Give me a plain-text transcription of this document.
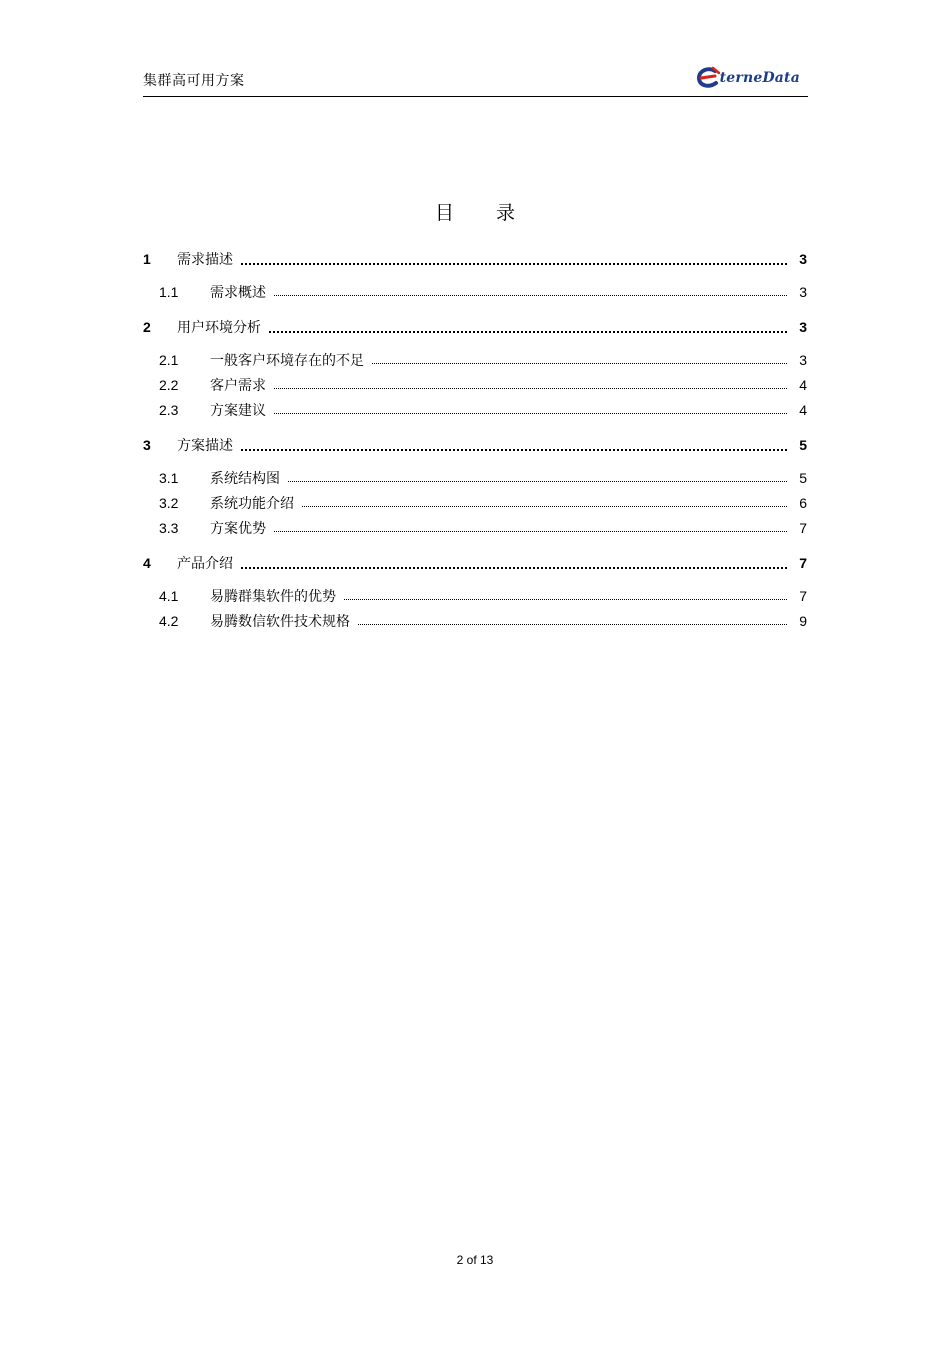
集群高可用方案	terneData
目 录
1	需求描述	3
1.1	需求概述	3
2	用户环境分析	3
2.1	一般客户环境存在的不足	3
2.2	客户需求	4
2.3	方案建议	4
3	方案描述	5
3.1	系统结构图	5
3.2	系统功能介绍	6
3.3	方案优势	7
4	产品介绍	7
4.1	易腾群集软件的优势	7
4.2	易腾数信软件技术规格	9
2 of 13
